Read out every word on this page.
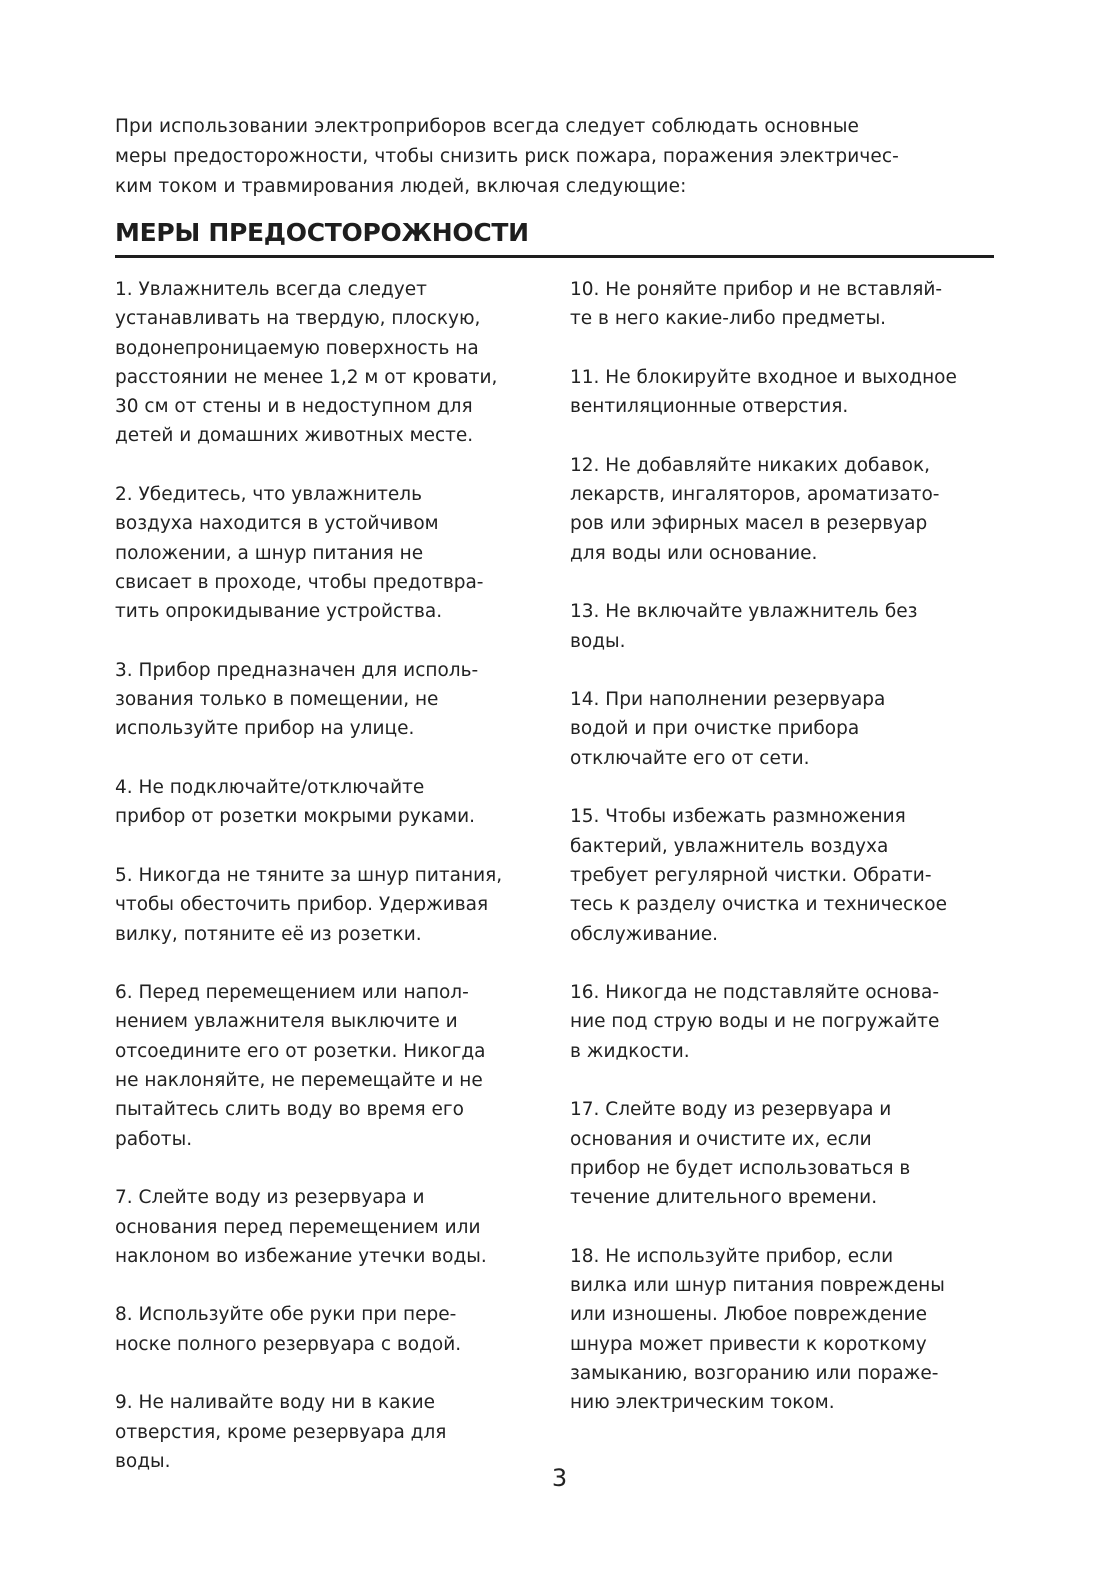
При использовании электроприборов всегда следует соблюдать основные
меры предосторожности, чтобы снизить риск пожара, поражения электричес-
ким током и травмирования людей, включая следующие:
МЕРЫ ПРЕДОСТОРОЖНОСТИ
1. Увлажнитель всегда следует
устанавливать на твердую, плоскую,
водонепроницаемую поверхность на
расстоянии не менее 1,2 м от кровати,
30 см от стены и в недоступном для
детей и домашних животных месте.
2. Убедитесь, что увлажнитель
воздуха находится в устойчивом
положении, а шнур питания не
свисает в проходе, чтобы предотвра-
тить опрокидывание устройства.
3. Прибор предназначен для исполь-
зования только в помещении, не
используйте прибор на улице.
4. Не подключайте/отключайте
прибор от розетки мокрыми руками.
5. Никогда не тяните за шнур питания,
чтобы обесточить прибор. Удерживая
вилку, потяните её из розетки.
6. Перед перемещением или напол-
нением увлажнителя выключите и
отсоедините его от розетки. Никогда
не наклоняйте, не перемещайте и не
пытайтесь слить воду во время его
работы.
7. Слейте воду из резервуара и
основания перед перемещением или
наклоном во избежание утечки воды.
8. Используйте обе руки при пере-
носке полного резервуара с водой.
9. Не наливайте воду ни в какие
отверстия, кроме резервуара для
воды.
10. Не роняйте прибор и не вставляй-
те в него какие-либо предметы.
11. Не блокируйте входное и выходное
вентиляционные отверстия.
12. Не добавляйте никаких добавок,
лекарств, ингаляторов, ароматизато-
ров или эфирных масел в резервуар
для воды или основание.
13. Не включайте увлажнитель без
воды.
14. При наполнении резервуара
водой и при очистке прибора
отключайте его от сети.
15. Чтобы избежать размножения
бактерий, увлажнитель воздуха
требует регулярной чистки. Обрати-
тесь к разделу очистка и техническое
обслуживание.
16. Никогда не подставляйте основа-
ние под струю воды и не погружайте
в жидкости.
17. Слейте воду из резервуара и
основания и очистите их, если
прибор не будет использоваться в
течение длительного времени.
18. Не используйте прибор, если
вилка или шнур питания повреждены
или изношены. Любое повреждение
шнура может привести к короткому
замыканию, возгоранию или пораже-
нию электрическим током.
3
